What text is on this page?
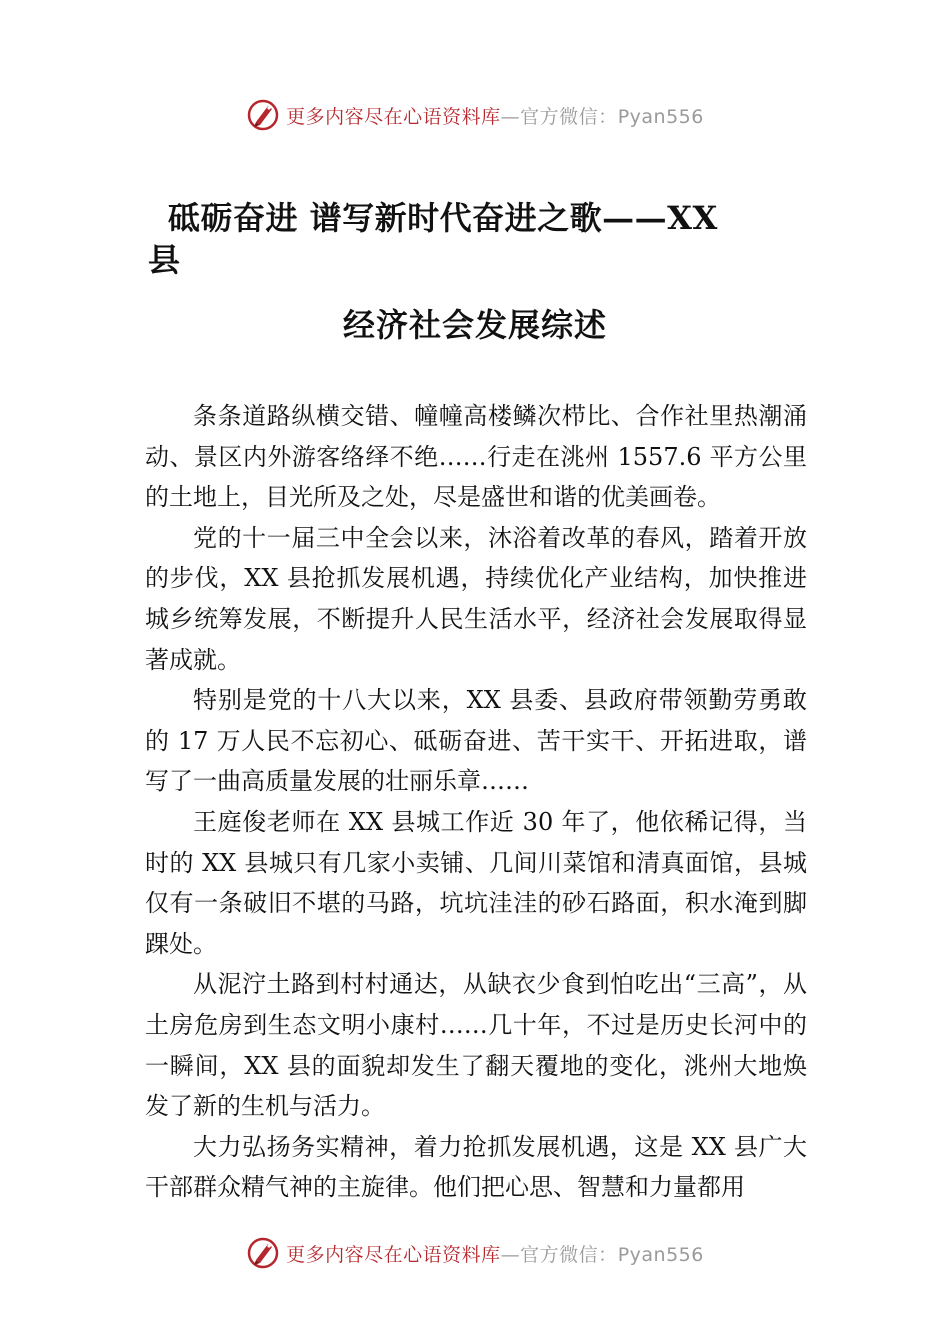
更多内容尽在心语资料库—官方微信：Pyan556
砥砺奋进 谱写新时代奋进之歌——XX
县
经济社会发展综述

条条道路纵横交错、幢幢高楼鳞次栉比、合作社里热潮涌动、景区内外游客络绎不绝……行走在洮州 1557.6 平方公里的土地上，目光所及之处，尽是盛世和谐的优美画卷。

党的十一届三中全会以来，沐浴着改革的春风，踏着开放的步伐，XX 县抢抓发展机遇，持续优化产业结构，加快推进城乡统筹发展，不断提升人民生活水平，经济社会发展取得显著成就。

特别是党的十八大以来，XX 县委、县政府带领勤劳勇敢的 17 万人民不忘初心、砥砺奋进、苦干实干、开拓进取，谱写了一曲高质量发展的壮丽乐章……

王庭俊老师在 XX 县城工作近 30 年了，他依稀记得，当时的 XX 县城只有几家小卖铺、几间川菜馆和清真面馆，县城仅有一条破旧不堪的马路，坑坑洼洼的砂石路面，积水淹到脚踝处。

从泥泞土路到村村通达，从缺衣少食到怕吃出“三高”，从土房危房到生态文明小康村……几十年，不过是历史长河中的一瞬间，XX 县的面貌却发生了翻天覆地的变化，洮州大地焕发了新的生机与活力。

大力弘扬务实精神，着力抢抓发展机遇，这是 XX 县广大干部群众精气神的主旋律。他们把心思、智慧和力量都用

更多内容尽在心语资料库—官方微信：Pyan556
